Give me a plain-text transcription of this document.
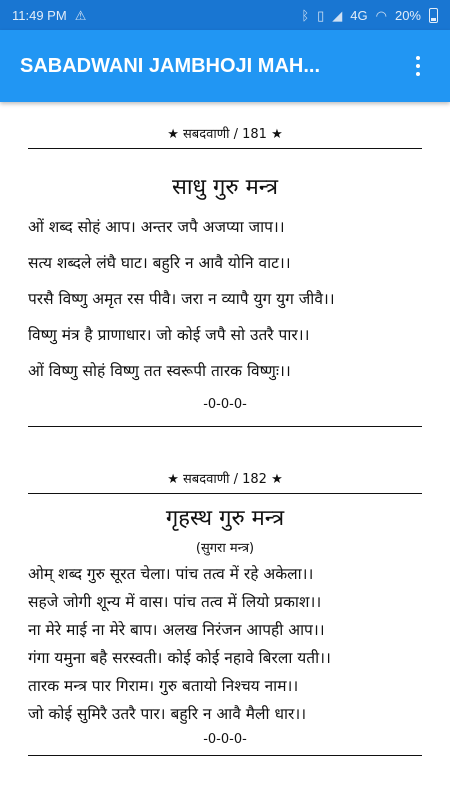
11:49 PM ⚠	ᛒ ▯ ◢ 4G ◠ 20%
SABADWANI JAMBHOJI MAH...
★ सबदवाणी / 181 ★
साधु गुरु मन्त्र
ओं शब्द सोहं आप। अन्तर जपै अजप्या जाप।।
सत्य शब्दले लंघै घाट। बहुरि न आवै योनि वाट।।
परसै विष्णु अमृत रस पीवै। जरा न व्यापै युग युग जीवै।।
विष्णु मंत्र है प्राणाधार। जो कोई जपै सो उतरै पार।।
ओं विष्णु सोहं विष्णु तत स्वरूपी तारक विष्णुः।।
-0-0-0-
★ सबदवाणी / 182 ★
गृहस्थ गुरु मन्त्र
(सुगरा मन्त्र)
ओम् शब्द गुरु सूरत चेला। पांच तत्व में रहे अकेला।।
सहजे जोगी शून्य में वास। पांच तत्व में लियो प्रकाश।।
ना मेरे माई ना मेरे बाप। अलख निरंजन आपही आप।।
गंगा यमुना बहै सरस्वती। कोई कोई नहावे बिरला यती।।
तारक मन्त्र पार गिराम। गुरु बतायो निश्चय नाम।।
जो कोई सुमिरै उतरै पार। बहुरि न आवै मैली धार।।
-0-0-0-
